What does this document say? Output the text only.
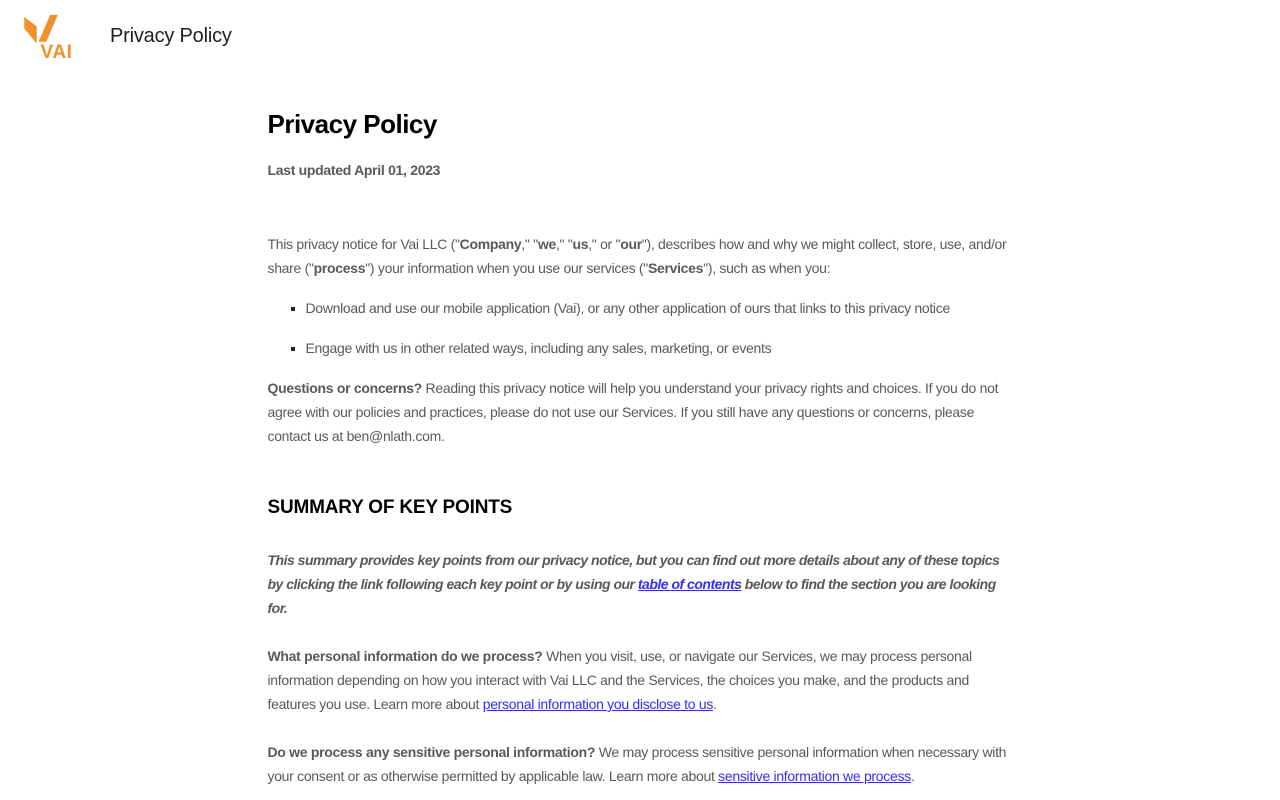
VAI
Privacy Policy
Privacy Policy

Last updated April 01, 2023

This privacy notice for Vai LLC ("Company," "we," "us," or "our"), describes how and why we might collect, store, use, and/or share ("process") your information when you use our services ("Services"), such as when you:

▪ Download and use our mobile application (Vai), or any other application of ours that links to this privacy notice
▪ Engage with us in other related ways, including any sales, marketing, or events

Questions or concerns? Reading this privacy notice will help you understand your privacy rights and choices. If you do not agree with our policies and practices, please do not use our Services. If you still have any questions or concerns, please contact us at ben@nlath.com.

SUMMARY OF KEY POINTS

This summary provides key points from our privacy notice, but you can find out more details about any of these topics by clicking the link following each key point or by using our table of contents below to find the section you are looking for.

What personal information do we process? When you visit, use, or navigate our Services, we may process personal information depending on how you interact with Vai LLC and the Services, the choices you make, and the products and features you use. Learn more about personal information you disclose to us.

Do we process any sensitive personal information? We may process sensitive personal information when necessary with your consent or as otherwise permitted by applicable law. Learn more about sensitive information we process.
